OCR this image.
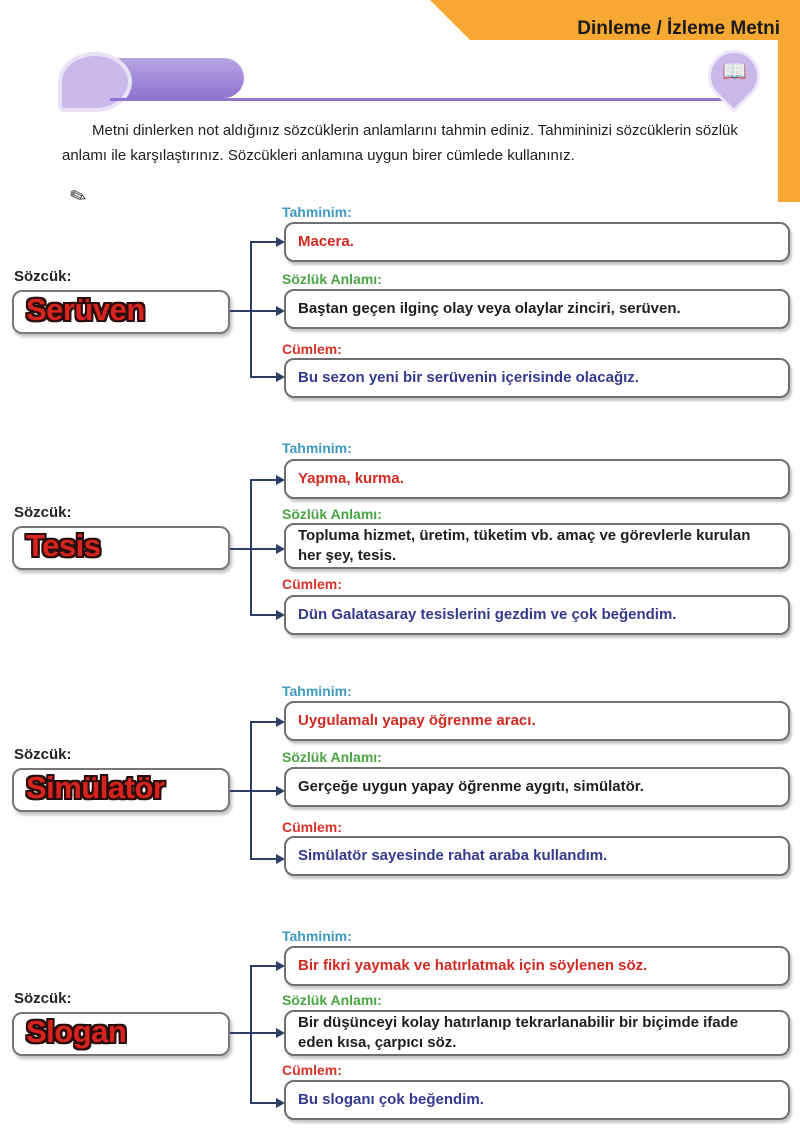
Dinleme / İzleme Metni
📖

Metni dinlerken not aldığınız sözcüklerin anlamlarını tahmin ediniz. Tahmininizi sözcüklerin sözlük anlamı ile karşılaştırınız. Sözcükleri anlamına uygun birer cümlede kullanınız.

✎
Sözcük:
Serüven
Tahminim:
Macera.
Sözlük Anlamı:
Baştan geçen ilginç olay veya olaylar zinciri, serüven.
Cümlem:
Bu sezon yeni bir serüvenin içerisinde olacağız.
Sözcük:
Tesis
Tahminim:
Yapma, kurma.
Sözlük Anlamı:
Topluma hizmet, üretim, tüketim vb. amaç ve görevlerle kurulan her şey, tesis.
Cümlem:
Dün Galatasaray tesislerini gezdim ve çok beğendim.
Sözcük:
Simülatör
Tahminim:
Uygulamalı yapay öğrenme aracı.
Sözlük Anlamı:
Gerçeğe uygun yapay öğrenme aygıtı, simülatör.
Cümlem:
Simülatör sayesinde rahat araba kullandım.
Sözcük:
Slogan
Tahminim:
Bir fikri yaymak ve hatırlatmak için söylenen söz.
Sözlük Anlamı:
Bir düşünceyi kolay hatırlanıp tekrarlanabilir bir biçimde ifade eden kısa, çarpıcı söz.
Cümlem:
Bu sloganı çok beğendim.
